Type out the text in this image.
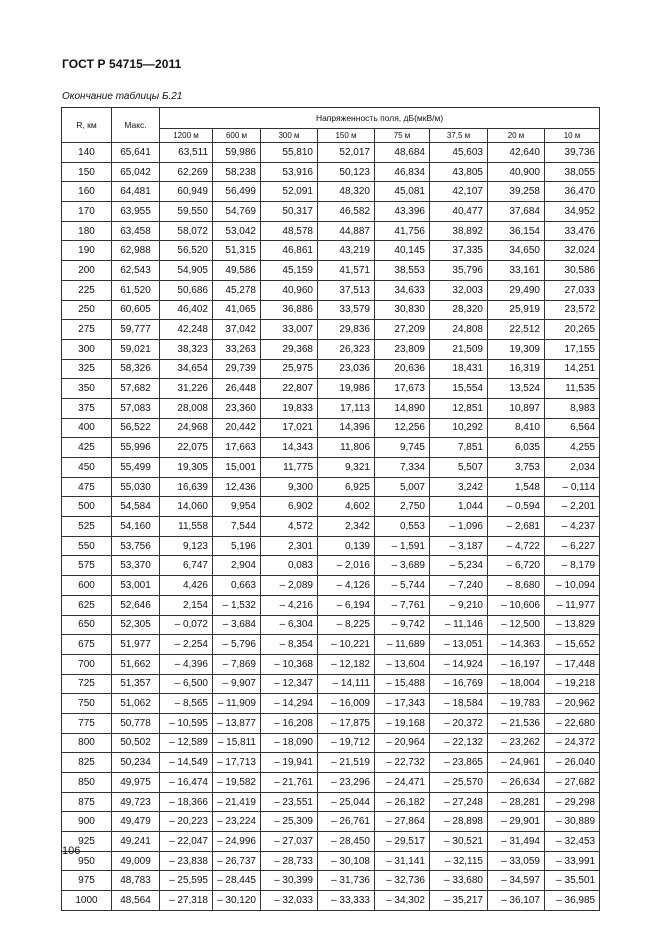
ГОСТ Р 54715—2011
Окончание таблицы Б.21
R, км	Макс.	Напряженность поля, дБ(мкВ/м)							
		1200 м	600 м	300 м	150 м	75 м	37,5 м	20 м	10 м
140	65,641	63,511	59,986	55,810	52,017	48,684	45,603	42,640	39,736
150	65,042	62,269	58,238	53,916	50,123	46,834	43,805	40,900	38,055
160	64,481	60,949	56,499	52,091	48,320	45,081	42,107	39,258	36,470
170	63,955	59,550	54,769	50,317	46,582	43,396	40,477	37,684	34,952
180	63,458	58,072	53,042	48,578	44,887	41,756	38,892	36,154	33,476
190	62,988	56,520	51,315	46,861	43,219	40,145	37,335	34,650	32,024
200	62,543	54,905	49,586	45,159	41,571	38,553	35,796	33,161	30,586
225	61,520	50,686	45,278	40,960	37,513	34,633	32,003	29,490	27,033
250	60,605	46,402	41,065	36,886	33,579	30,830	28,320	25,919	23,572
275	59,777	42,248	37,042	33,007	29,836	27,209	24,808	22,512	20,265
300	59,021	38,323	33,263	29,368	26,323	23,809	21,509	19,309	17,155
325	58,326	34,654	29,739	25,975	23,036	20,636	18,431	16,319	14,251
350	57,682	31,226	26,448	22,807	19,986	17,673	15,554	13,524	11,535
375	57,083	28,008	23,360	19,833	17,113	14,890	12,851	10,897	8,983
400	56,522	24,968	20,442	17,021	14,396	12,256	10,292	8,410	6,564
425	55,996	22,075	17,663	14,343	11,806	9,745	7,851	6,035	4,255
450	55,499	19,305	15,001	11,775	9,321	7,334	5,507	3,753	2,034
475	55,030	16,639	12,436	9,300	6,925	5,007	3,242	1,548	– 0,114
500	54,584	14,060	9,954	6,902	4,602	2,750	1,044	– 0,594	– 2,201
525	54,160	11,558	7,544	4,572	2,342	0,553	– 1,096	– 2,681	– 4,237
550	53,756	9,123	5,196	2,301	0,139	– 1,591	– 3,187	– 4,722	– 6,227
575	53,370	6,747	2,904	0,083	– 2,016	– 3,689	– 5,234	– 6,720	– 8,179
600	53,001	4,426	0,663	– 2,089	– 4,126	– 5,744	– 7,240	– 8,680	– 10,094
625	52,646	2,154	– 1,532	– 4,216	– 6,194	– 7,761	– 9,210	– 10,606	– 11,977
650	52,305	– 0,072	– 3,684	– 6,304	– 8,225	– 9,742	– 11,146	– 12,500	– 13,829
675	51,977	– 2,254	– 5,796	– 8,354	– 10,221	– 11,689	– 13,051	– 14,363	– 15,652
700	51,662	– 4,396	– 7,869	– 10,368	– 12,182	– 13,604	– 14,924	– 16,197	– 17,448
725	51,357	– 6,500	– 9,907	– 12,347	– 14,111	– 15,488	– 16,769	– 18,004	– 19,218
750	51,062	– 8,565	– 11,909	– 14,294	– 16,009	– 17,343	– 18,584	– 19,783	– 20,962
775	50,778	– 10,595	– 13,877	– 16,208	– 17,875	– 19,168	– 20,372	– 21,536	– 22,680
800	50,502	– 12,589	– 15,811	– 18,090	– 19,712	– 20,964	– 22,132	– 23,262	– 24,372
825	50,234	– 14,549	– 17,713	– 19,941	– 21,519	– 22,732	– 23,865	– 24,961	– 26,040
850	49,975	– 16,474	– 19,582	– 21,761	– 23,296	– 24,471	– 25,570	– 26,634	– 27,682
875	49,723	– 18,366	– 21,419	– 23,551	– 25,044	– 26,182	– 27,248	– 28,281	– 29,298
900	49,479	– 20,223	– 23,224	– 25,309	– 26,761	– 27,864	– 28,898	– 29,901	– 30,889
925	49,241	– 22,047	– 24,996	– 27,037	– 28,450	– 29,517	– 30,521	– 31,494	– 32,453
950	49,009	– 23,838	– 26,737	– 28,733	– 30,108	– 31,141	– 32,115	– 33,059	– 33,991
975	48,783	– 25,595	– 28,445	– 30,399	– 31,736	– 32,736	– 33,680	– 34,597	– 35,501
1000	48,564	– 27,318	– 30,120	– 32,033	– 33,333	– 34,302	– 35,217	– 36,107	– 36,985
106
